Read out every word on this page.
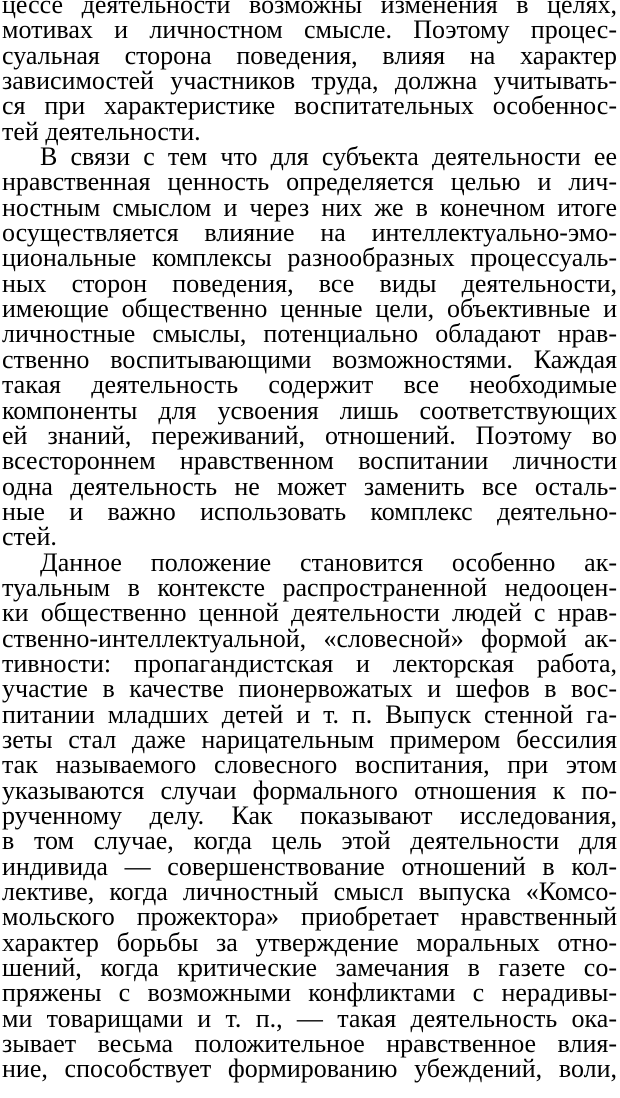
цессе деятельности возможны изменения в целях,
мотивах и личностном смысле. Поэтому процес-
суальная сторона поведения, влияя на характер
зависимостей участников труда, должна учитывать-
ся при характеристике воспитательных особеннос-
тей деятельности.
В связи с тем что для субъекта деятельности ее
нравственная ценность определяется целью и лич-
ностным смыслом и через них же в конечном итоге
осуществляется влияние на интеллектуально-эмо-
циональные комплексы разнообразных процессуаль-
ных сторон поведения, все виды деятельности,
имеющие общественно ценные цели, объективные и
личностные смыслы, потенциально обладают нрав-
ственно воспитывающими возможностями. Каждая
такая деятельность содержит все необходимые
компоненты для усвоения лишь соответствующих
ей знаний, переживаний, отношений. Поэтому во
всестороннем нравственном воспитании личности
одна деятельность не может заменить все осталь-
ные и важно использовать комплекс деятельно-
стей.
Данное положение становится особенно ак-
туальным в контексте распространенной недооцен-
ки общественно ценной деятельности людей с нрав-
ственно-интеллектуальной, «словесной» формой ак-
тивности: пропагандистская и лекторская работа,
участие в качестве пионервожатых и шефов в вос-
питании младших детей и т. п. Выпуск стенной га-
зеты стал даже нарицательным примером бессилия
так называемого словесного воспитания, при этом
указываются случаи формального отношения к по-
рученному делу. Как показывают исследования,
в том случае, когда цель этой деятельности для
индивида — совершенствование отношений в кол-
лективе, когда личностный смысл выпуска «Комсо-
мольского прожектора» приобретает нравственный
характер борьбы за утверждение моральных отно-
шений, когда критические замечания в газете со-
пряжены с возможными конфликтами с нерадивы-
ми товарищами и т. п., — такая деятельность ока-
зывает весьма положительное нравственное влия-
ние, способствует формированию убеждений, воли,
